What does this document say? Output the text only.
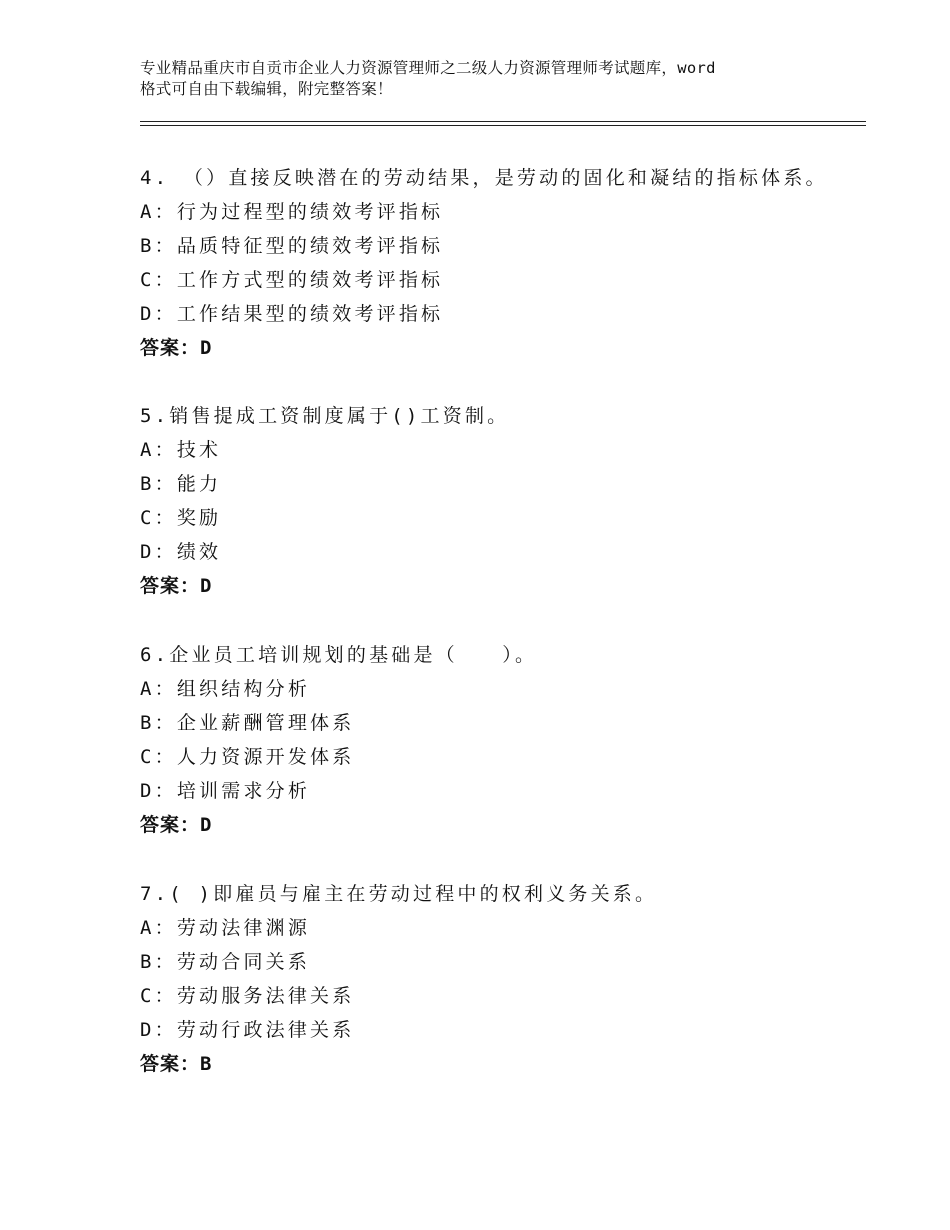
专业精品重庆市自贡市企业人力资源管理师之二级人力资源管理师考试题库，word
格式可自由下载编辑，附完整答案！
4. （）直接反映潜在的劳动结果，是劳动的固化和凝结的指标体系。
A：行为过程型的绩效考评指标
B：品质特征型的绩效考评指标
C：工作方式型的绩效考评指标
D：工作结果型的绩效考评指标
答案：D
5.销售提成工资制度属于()工资制。
A：技术
B：能力
C：奖励
D：绩效
答案：D
6.企业员工培训规划的基础是（　　）。
A：组织结构分析
B：企业薪酬管理体系
C：人力资源开发体系
D：培训需求分析
答案：D
7.( )即雇员与雇主在劳动过程中的权利义务关系。
A：劳动法律渊源
B：劳动合同关系
C：劳动服务法律关系
D：劳动行政法律关系
答案：B
